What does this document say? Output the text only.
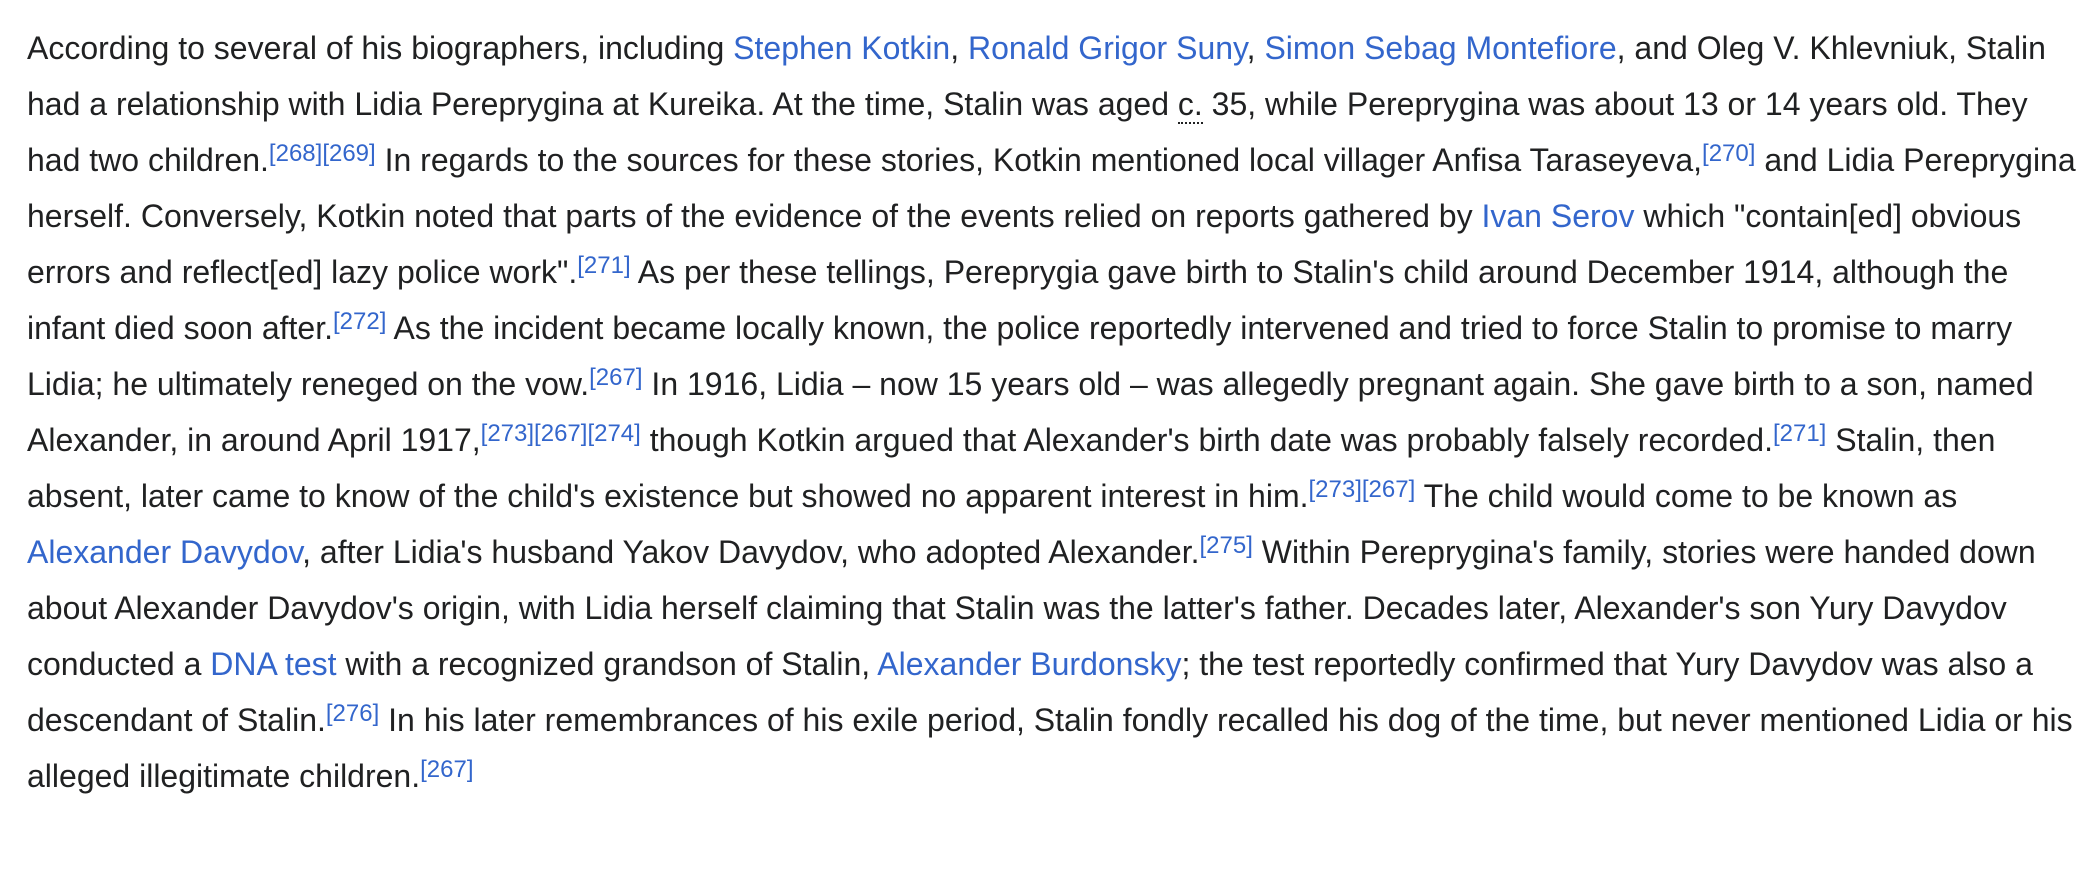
According to several of his biographers, including Stephen Kotkin, Ronald Grigor Suny, Simon Sebag Montefiore, and Oleg V. Khlevniuk, Stalin had a relationship with Lidia Pereprygina at Kureika. At the time, Stalin was aged c. 35, while Pereprygina was about 13 or 14 years old. They had two children.[268][269] In regards to the sources for these stories, Kotkin mentioned local villager Anfisa Taraseyeva,[270] and Lidia Pereprygina herself. Conversely, Kotkin noted that parts of the evidence of the events relied on reports gathered by Ivan Serov which "contain[ed] obvious errors and reflect[ed] lazy police work".[271] As per these tellings, Pereprygia gave birth to Stalin's child around December 1914, although the infant died soon after.[272] As the incident became locally known, the police reportedly intervened and tried to force Stalin to promise to marry Lidia; he ultimately reneged on the vow.[267] In 1916, Lidia – now 15 years old – was allegedly pregnant again. She gave birth to a son, named Alexander, in around April 1917,[273][267][274] though Kotkin argued that Alexander's birth date was probably falsely recorded.[271] Stalin, then absent, later came to know of the child's existence but showed no apparent interest in him.[273][267] The child would come to be known as Alexander Davydov, after Lidia's husband Yakov Davydov, who adopted Alexander.[275] Within Pereprygina's family, stories were handed down about Alexander Davydov's origin, with Lidia herself claiming that Stalin was the latter's father. Decades later, Alexander's son Yury Davydov conducted a DNA test with a recognized grandson of Stalin, Alexander Burdonsky; the test reportedly confirmed that Yury Davydov was also a descendant of Stalin.[276] In his later remembrances of his exile period, Stalin fondly recalled his dog of the time, but never mentioned Lidia or his alleged illegitimate children.[267]
